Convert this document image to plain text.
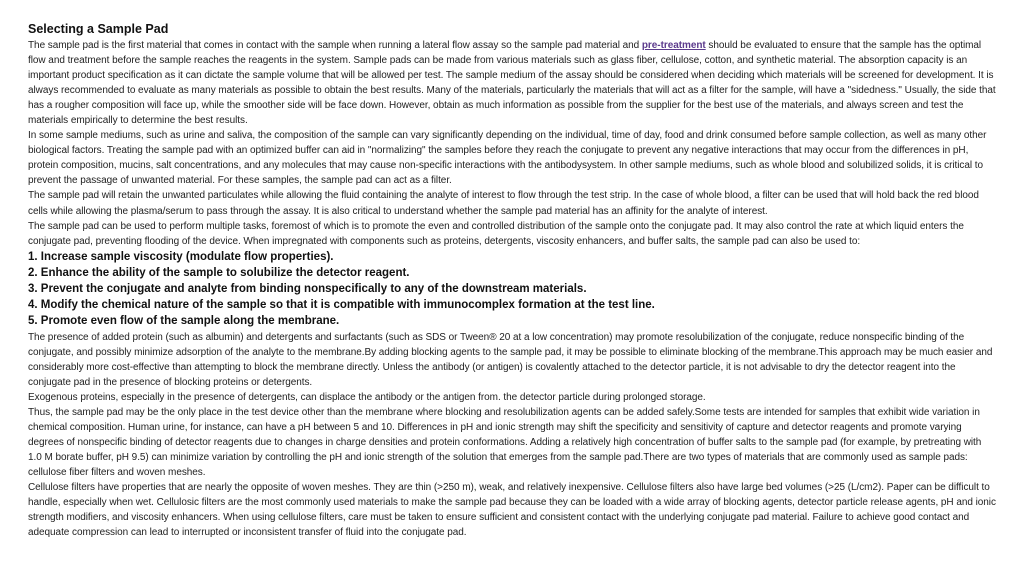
Selecting a Sample Pad

The sample pad is the first material that comes in contact with the sample when running a lateral flow assay so the sample pad material and pre-treatment should be evaluated to ensure that the sample has the optimal flow and treatment before the sample reaches the reagents in the system. Sample pads can be made from various materials such as glass fiber, cellulose, cotton, and synthetic material. The absorption capacity is an important product specification as it can dictate the sample volume that will be allowed per test. The sample medium of the assay should be considered when deciding which materials will be screened for development. It is always recommended to evaluate as many materials as possible to obtain the best results. Many of the materials, particularly the materials that will act as a filter for the sample, will have a "sidedness." Usually, the side that has a rougher composition will face up, while the smoother side will be face down. However, obtain as much information as possible from the supplier for the best use of the materials, and always screen and test the materials empirically to determine the best results.

In some sample mediums, such as urine and saliva, the composition of the sample can vary significantly depending on the individual, time of day, food and drink consumed before sample collection, as well as many other biological factors. Treating the sample pad with an optimized buffer can aid in "normalizing" the samples before they reach the conjugate to prevent any negative interactions that may occur from the differences in pH, protein composition, mucins, salt concentrations, and any molecules that may cause non-specific interactions with the antibodysystem. In other sample mediums, such as whole blood and solubilized solids, it is critical to prevent the passage of unwanted material. For these samples, the sample pad can act as a filter.

The sample pad will retain the unwanted particulates while allowing the fluid containing the analyte of interest to flow through the test strip. In the case of whole blood, a filter can be used that will hold back the red blood cells while allowing the plasma/serum to pass through the assay. It is also critical to understand whether the sample pad material has an affinity for the analyte of interest.

The sample pad can be used to perform multiple tasks, foremost of which is to promote the even and controlled distribution of the sample onto the conjugate pad. It may also control the rate at which liquid enters the conjugate pad, preventing flooding of the device. When impregnated with components such as proteins, detergents, viscosity enhancers, and buffer salts, the sample pad can also be used to:

1. Increase sample viscosity (modulate flow properties).
2. Enhance the ability of the sample to solubilize the detector reagent.
3. Prevent the conjugate and analyte from binding nonspecifically to any of the downstream materials.
4. Modify the chemical nature of the sample so that it is compatible with immunocomplex formation at the test line.
5. Promote even flow of the sample along the membrane.

The presence of added protein (such as albumin) and detergents and surfactants (such as SDS or Tween® 20 at a low concentration) may promote resolubilization of the conjugate, reduce nonspecific binding of the conjugate, and possibly minimize adsorption of the analyte to the membrane.By adding blocking agents to the sample pad, it may be possible to eliminate blocking of the membrane.This approach may be much easier and considerably more cost-effective than attempting to block the membrane directly. Unless the antibody (or antigen) is covalently attached to the detector particle, it is not advisable to dry the detector reagent into the conjugate pad in the presence of blocking proteins or detergents.

Exogenous proteins, especially in the presence of detergents, can displace the antibody or the antigen from. the detector particle during prolonged storage.

Thus, the sample pad may be the only place in the test device other than the membrane where blocking and resolubilization agents can be added safely.Some tests are intended for samples that exhibit wide variation in chemical composition. Human urine, for instance, can have a pH between 5 and 10. Differences in pH and ionic strength may shift the specificity and sensitivity of capture and detector reagents and promote varying degrees of nonspecific binding of detector reagents due to changes in charge densities and protein conformations. Adding a relatively high concentration of buffer salts to the sample pad (for example, by pretreating with 1.0 M borate buffer, pH 9.5) can minimize variation by controlling the pH and ionic strength of the solution that emerges from the sample pad.There are two types of materials that are commonly used as sample pads: cellulose fiber filters and woven meshes.

Cellulose filters have properties that are nearly the opposite of woven meshes. They are thin (>250 m), weak, and relatively inexpensive. Cellulose filters also have large bed volumes (>25 (L/cm2). Paper can be difficult to handle, especially when wet. Cellulosic filters are the most commonly used materials to make the sample pad because they can be loaded with a wide array of blocking agents, detector particle release agents, pH and ionic strength modifiers, and viscosity enhancers. When using cellulose filters, care must be taken to ensure sufficient and consistent contact with the underlying conjugate pad material. Failure to achieve good contact and adequate compression can lead to interrupted or inconsistent transfer of fluid into the conjugate pad.
